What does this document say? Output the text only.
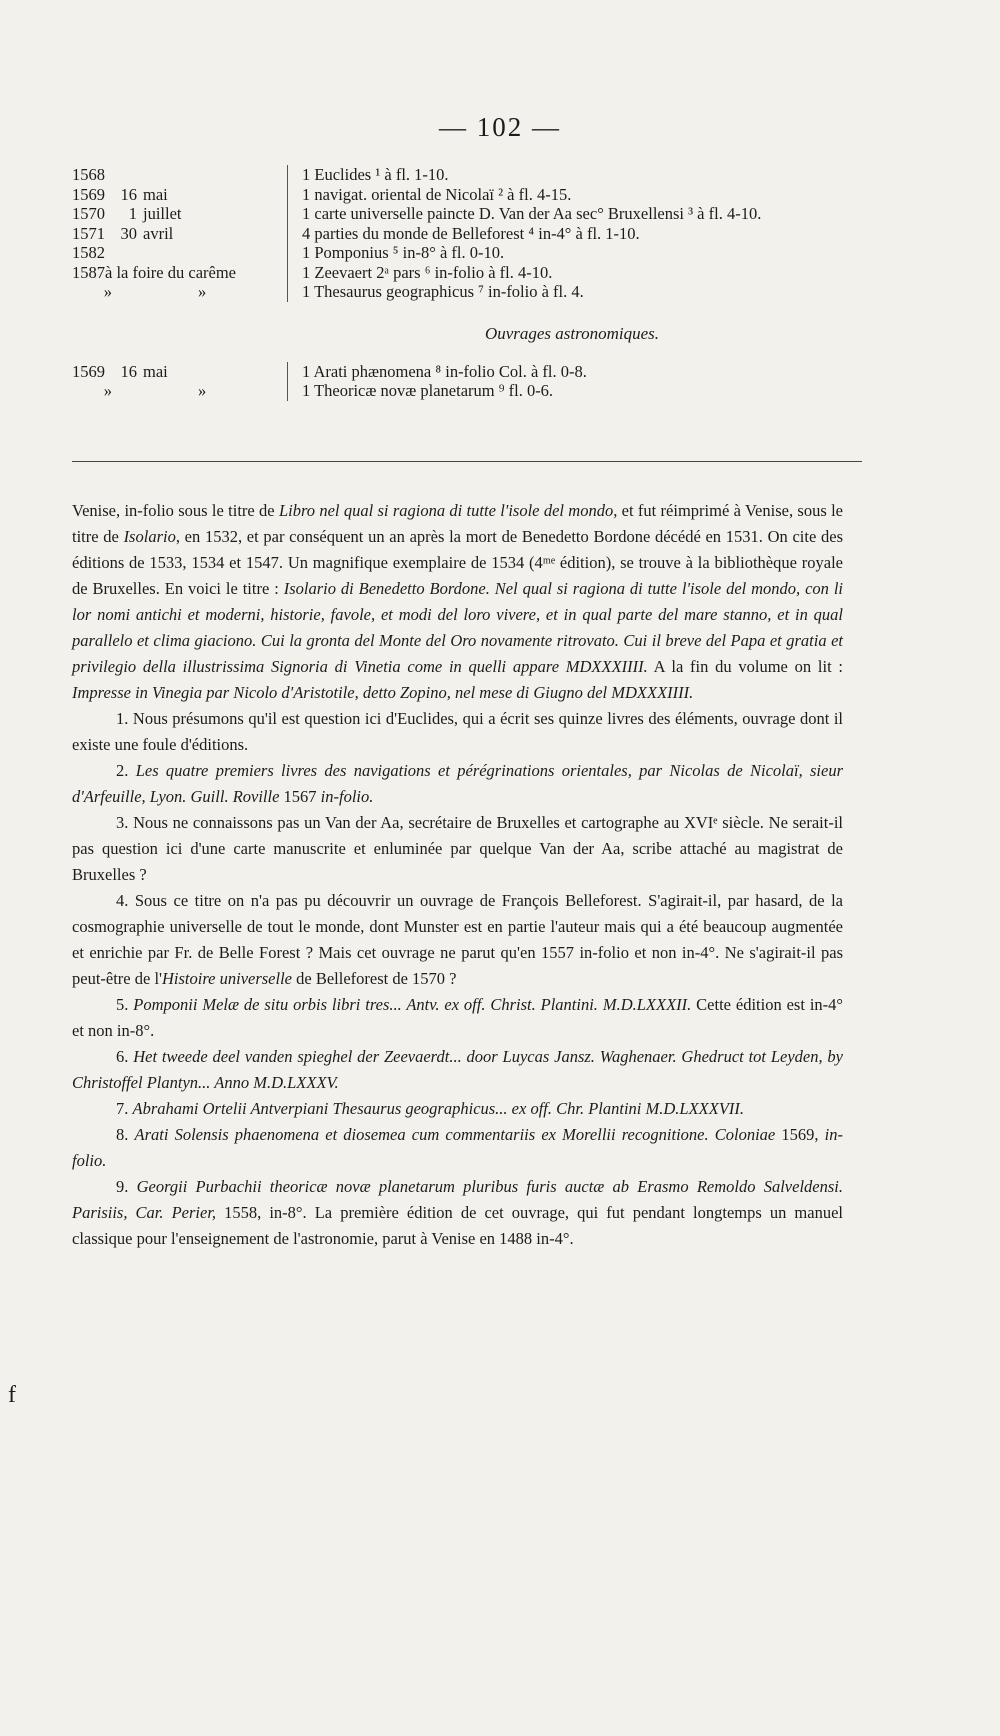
— 102 —
1568	1 Euclides ¹ à fl. 1-10.
1569 16 mai	1 navigat. oriental de Nicolaï ² à fl. 4-15.
1570 1 juillet	1 carte universelle paincte D. Van der Aa sec° Bruxellensi ³ à fl. 4-10.
1571 30 avril	4 parties du monde de Belleforest ⁴ in-4° à fl. 1-10.
1582	1 Pomponius ⁵ in-8° à fl. 0-10.
1587à la foire du carême	1 Zeevaert 2ᵃ pars ⁶ in-folio à fl. 4-10.
»	»	1 Thesaurus geographicus ⁷ in-folio à fl. 4.
Ouvrages astronomiques.
1569 16 mai	1 Arati phænomena ⁸ in-folio Col. à fl. 0-8.
»	»	1 Theoricæ novæ planetarum ⁹ fl. 0-6.

Venise, in-folio sous le titre de Libro nel qual si ragiona di tutte l'isole del mondo, et fut réimprimé à Venise, sous le titre de Isolario, en 1532, et par conséquent un an après la mort de Benedetto Bordone décédé en 1531. On cite des éditions de 1533, 1534 et 1547. Un magnifique exemplaire de 1534 (4ᵐᵉ édition), se trouve à la bibliothèque royale de Bruxelles. En voici le titre : Isolario di Benedetto Bordone. Nel qual si ragiona di tutte l'isole del mondo, con li lor nomi antichi et moderni, historie, favole, et modi del loro vivere, et in qual parte del mare stanno, et in qual parallelo et clima giaciono. Cui la gronta del Monte del Oro novamente ritrovato. Cui il breve del Papa et gratia et privilegio della illustrissima Signoria di Vinetia come in quelli appare MDXXXIIII. A la fin du volume on lit : Impresse in Vinegia par Nicolo d'Aristotile, detto Zopino, nel mese di Giugno del MDXXXIIII.

1. Nous présumons qu'il est question ici d'Euclides, qui a écrit ses quinze livres des éléments, ouvrage dont il existe une foule d'éditions.

2. Les quatre premiers livres des navigations et pérégrinations orientales, par Nicolas de Nicolaï, sieur d'Arfeuille, Lyon. Guill. Roville 1567 in-folio.

3. Nous ne connaissons pas un Van der Aa, secrétaire de Bruxelles et cartographe au XVIᵉ siècle. Ne serait-il pas question ici d'une carte manuscrite et enluminée par quelque Van der Aa, scribe attaché au magistrat de Bruxelles ?

4. Sous ce titre on n'a pas pu découvrir un ouvrage de François Belleforest. S'agirait-il, par hasard, de la cosmographie universelle de tout le monde, dont Munster est en partie l'auteur mais qui a été beaucoup augmentée et enrichie par Fr. de Belle Forest ? Mais cet ouvrage ne parut qu'en 1557 in-folio et non in-4°. Ne s'agirait-il pas peut-être de l'Histoire universelle de Belleforest de 1570 ?

5. Pomponii Melæ de situ orbis libri tres... Antv. ex off. Christ. Plantini. M.D.LXXXII. Cette édition est in-4° et non in-8°.

6. Het tweede deel vanden spieghel der Zeevaerdt... door Luycas Jansz. Waghenaer. Ghedruct tot Leyden, by Christoffel Plantyn... Anno M.D.LXXXV.

7. Abrahami Ortelii Antverpiani Thesaurus geographicus... ex off. Chr. Plantini M.D.LXXXVII.

8. Arati Solensis phaenomena et diosemea cum commentariis ex Morellii recognitione. Coloniae 1569, in-folio.

9. Georgii Purbachii theoricæ novæ planetarum pluribus furis auctæ ab Erasmo Remoldo Salveldensi. Parisiis, Car. Perier, 1558, in-8°. La première édition de cet ouvrage, qui fut pendant longtemps un manuel classique pour l'enseignement de l'astronomie, parut à Venise en 1488 in-4°.

f
